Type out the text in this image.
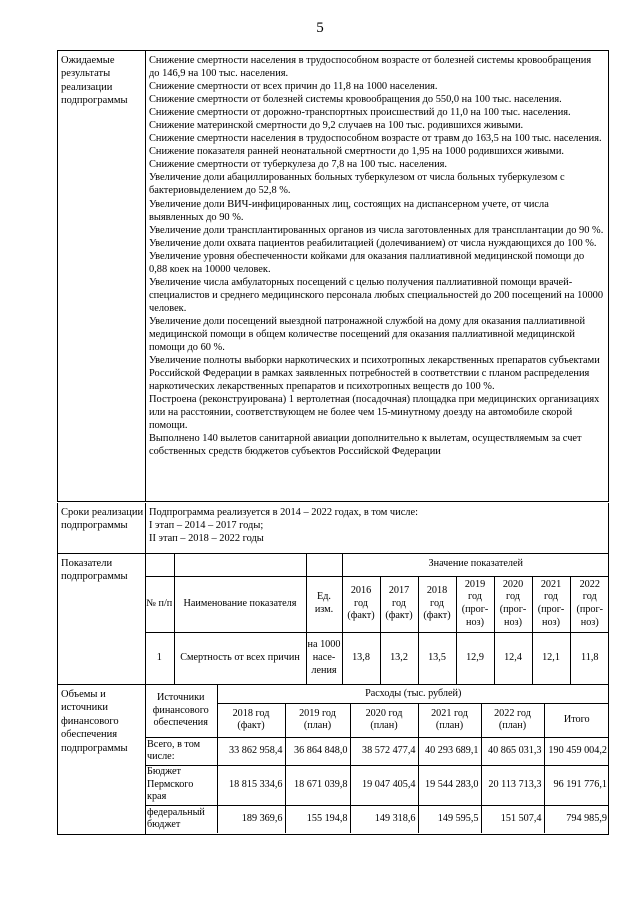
5
Ожидаемые результаты реализации подпрограммы

Снижение смертности населения в трудоспособном возрасте от болезней системы кровообращения до 146,9 на 100 тыс. населения.

Снижение смертности от всех причин до 11,8 на 1000 населения.

Снижение смертности от болезней системы кровообращения до 550,0 на 100 тыс. населения.

Снижение смертности от дорожно-транспортных происшествий до 11,0 на 100 тыс. населения.

Снижение материнской смертности до 9,2 случаев на 100 тыс. родившихся живыми.

Снижение смертности населения в трудоспособном возрасте от травм до 163,5 на 100 тыс. населения.

Снижение показателя ранней неонатальной смертности до 1,95 на 1000 родившихся живыми.

Снижение смертности от туберкулеза до 7,8 на 100 тыс. населения.

Увеличение доли абациллированных больных туберкулезом от числа больных туберкулезом с бактериовыделением до 52,8 %.

Увеличение доли ВИЧ-инфицированных лиц, состоящих на диспансерном учете, от числа выявленных до 90 %.

Увеличение доли трансплантированных органов из числа заготовленных для трансплантации до 90 %.

Увеличение доли охвата пациентов реабилитацией (долечиванием) от числа нуждающихся до 100 %.

Увеличение уровня обеспеченности койками для оказания паллиативной медицинской помощи до 0,88 коек на 10000 человек.

Увеличение числа амбулаторных посещений с целью получения паллиативной помощи врачей-специалистов и среднего медицинского персонала любых специальностей до 200 посещений на 10000 человек.

Увеличение доли посещений выездной патронажной службой на дому для оказания паллиативной медицинской помощи в общем количестве посещений для оказания паллиативной медицинской помощи до 60 %.

Увеличение полноты выборки наркотических и психотропных лекарственных препаратов субъектами Российской Федерации в рамках заявленных потребностей в соответствии с планом распределения наркотических лекарственных препаратов и психотропных веществ до 100 %.

Построена (реконструирована) 1 вертолетная (посадочная) площадка при медицинских организациях или на расстоянии, соответствующем не более чем 15-минутному доезду на автомобиле скорой помощи.

Выполнено 140 вылетов санитарной авиации дополнительно к вылетам, осуществляемым за счет собственных средств бюджетов субъектов Российской Федерации

Сроки реализации подпрограммы

Подпрограмма реализуется в 2014 – 2022 годах, в том числе:

I этап – 2014 – 2017 годы;

II этап – 2018 – 2022 годы

Показатели подпрограммы
			Значение показателей						
№ п/п	Наименование показателя	Ед. изм.	2016 год (факт)	2017 год (факт)	2018 год (факт)	2019 год (прог-ноз)	2020 год (прог-ноз)	2021 год (прог-ноз)	2022 год (прог-ноз)
1	Смертность от всех причин	на 1000 насе-ления	13,8	13,2	13,5	12,9	12,4	12,1	11,8
Объемы и источники финансового обеспечения подпрограммы
Источники финансового обеспечения	Расходы (тыс. рублей)					
	2018 год (факт)	2019 год (план)	2020 год (план)	2021 год (план)	2022 год (план)	Итого
Всего, в том числе:	33 862 958,4	36 864 848,0	38 572 477,4	40 293 689,1	40 865 031,3	190 459 004,2
Бюджет Пермского края	18 815 334,6	18 671 039,8	19 047 405,4	19 544 283,0	20 113 713,3	96 191 776,1
федеральный бюджет	189 369,6	155 194,8	149 318,6	149 595,5	151 507,4	794 985,9
